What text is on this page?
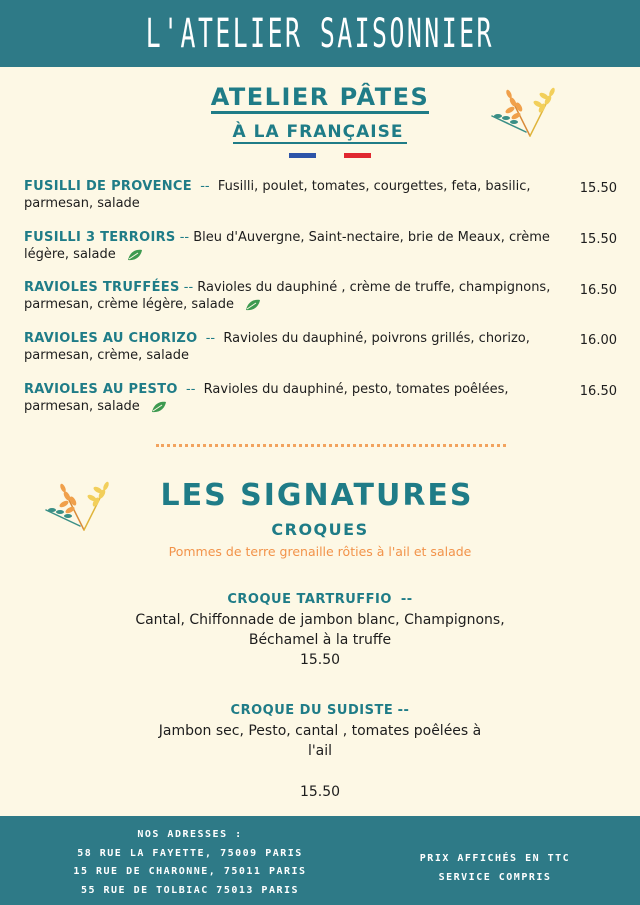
L'ATELIER SAISONNIER
ATELIER PÂTES
À LA FRANÇAISE
FUSILLI DE PROVENCE -- Fusilli, poulet, tomates, courgettes, feta, basilic, parmesan, salade
15.50
FUSILLI 3 TERROIRS -- Bleu d'Auvergne, Saint-nectaire, brie de Meaux, crème légère, salade
15.50
RAVIOLES TRUFFÉES -- Ravioles du dauphiné , crème de truffe, champignons, parmesan, crème légère, salade
16.50
RAVIOLES AU CHORIZO -- Ravioles du dauphiné, poivrons grillés, chorizo, parmesan, crème, salade
16.00
RAVIOLES AU PESTO -- Ravioles du dauphiné, pesto, tomates poêlées, parmesan, salade
16.50
LES SIGNATURES
CROQUES
Pommes de terre grenaille rôties à l'ail et salade
CROQUE TARTRUFFIO --
Cantal, Chiffonnade de jambon blanc, Champignons,
Béchamel à la truffe
15.50
CROQUE DU SUDISTE --
Jambon sec, Pesto, cantal , tomates poêlées à
l'ail
15.50
NOS ADRESSES :
58 RUE LA FAYETTE, 75009 PARIS
15 RUE DE CHARONNE, 75011 PARIS
55 RUE DE TOLBIAC 75013 PARIS
PRIX AFFICHÉS EN TTC
SERVICE COMPRIS
